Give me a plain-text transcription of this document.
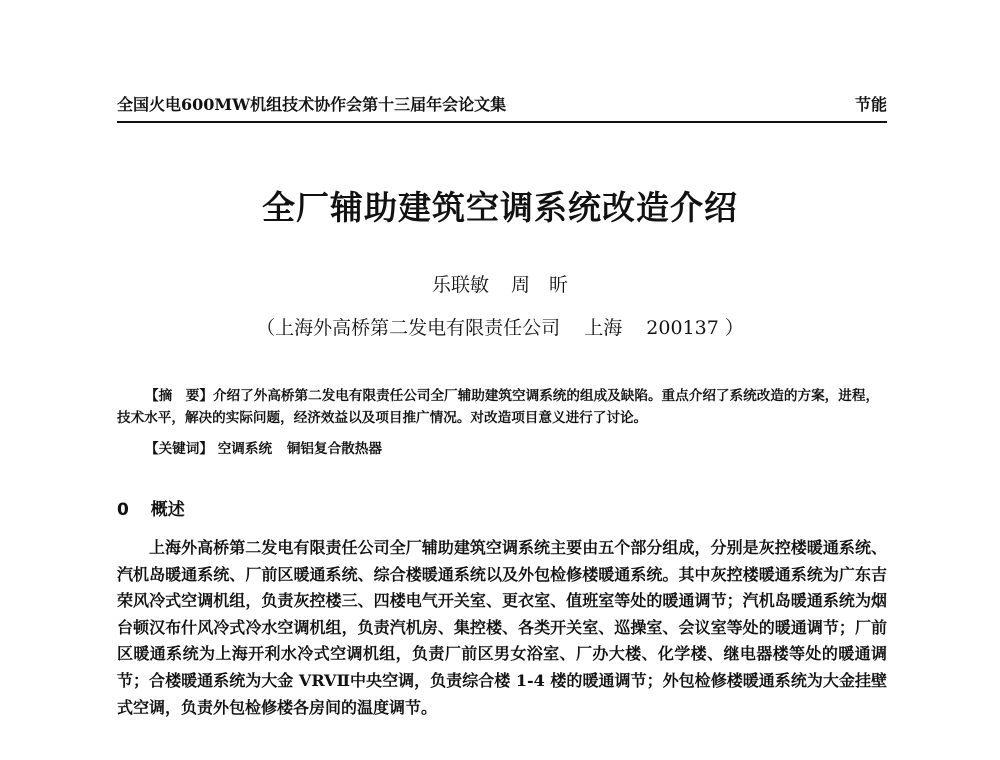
全国火电600MW机组技术协作会第十三届年会论文集	节能
全厂辅助建筑空调系统改造介绍
乐联敏 周　昕
（上海外高桥第二发电有限责任公司 上海 200137 ）

【摘　要】介绍了外高桥第二发电有限责任公司全厂辅助建筑空调系统的组成及缺陷。重点介绍了系统改造的方案，进程，技术水平，解决的实际问题，经济效益以及项目推广情况。对改造项目意义进行了讨论。

【关键词】 空调系统 铜铝复合散热器
0 概述

上海外高桥第二发电有限责任公司全厂辅助建筑空调系统主要由五个部分组成，分别是灰控楼暖通系统、汽机岛暖通系统、厂前区暖通系统、综合楼暖通系统以及外包检修楼暖通系统。其中灰控楼暖通系统为广东吉荣风冷式空调机组，负责灰控楼三、四楼电气开关室、更衣室、值班室等处的暖通调节；汽机岛暖通系统为烟台顿汉布什风冷式冷水空调机组，负责汽机房、集控楼、各类开关室、巡操室、会议室等处的暖通调节；厂前区暖通系统为上海开利水冷式空调机组，负责厂前区男女浴室、厂办大楼、化学楼、继电器楼等处的暖通调节；合楼暖通系统为大金 VRVⅡ中央空调，负责综合楼 1-4 楼的暖通调节；外包检修楼暖通系统为大金挂壁式空调，负责外包检修楼各房间的温度调节。
